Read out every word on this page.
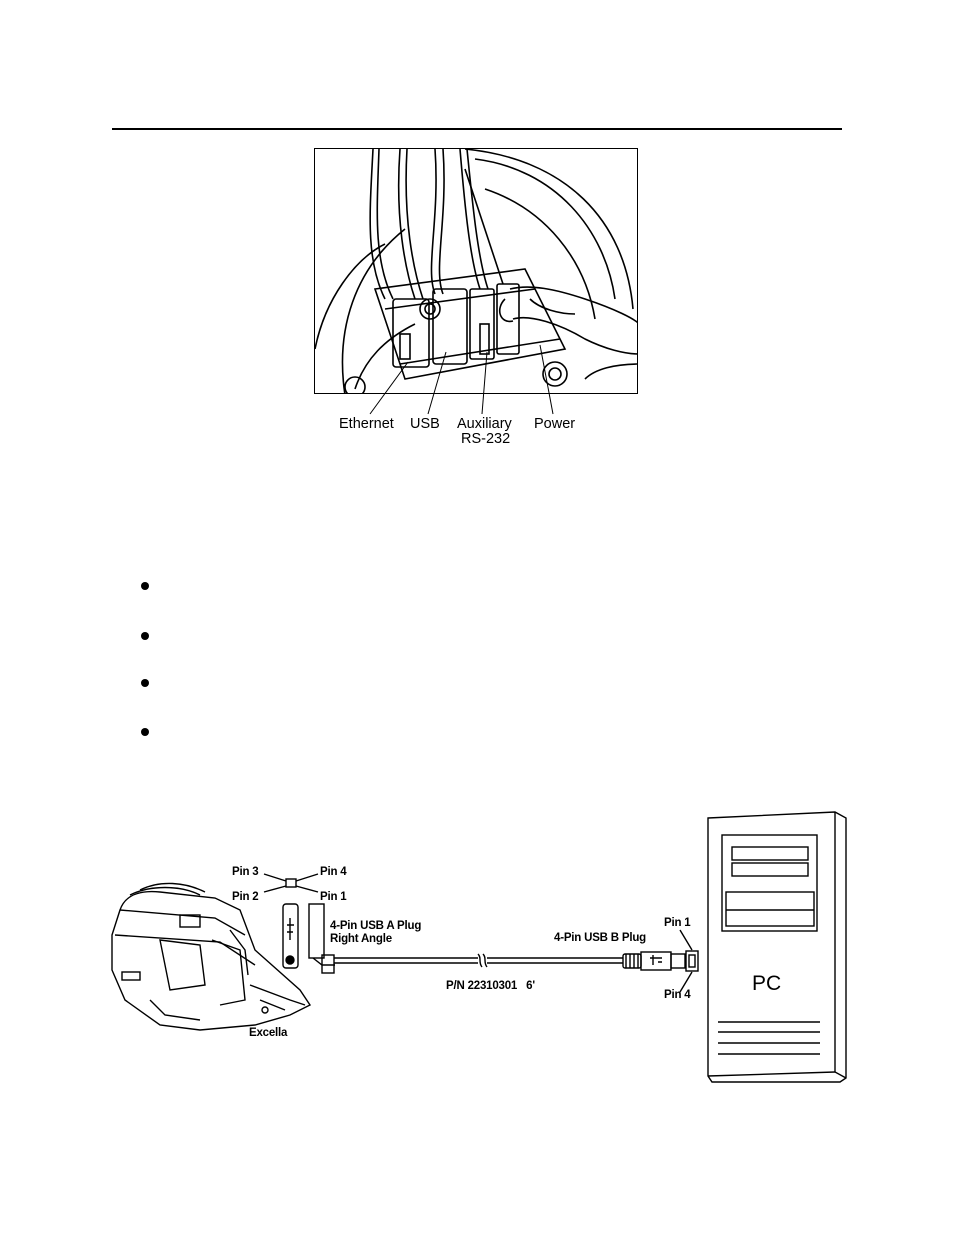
Ethernet USB Auxiliary
RS-232
Power
Pin 3	Pin 4
Pin 2	Pin 1
4-Pin USB A Plug
Right Angle	4-Pin USB B Plug
Pin 1
Pin 4
P/N 22310301   6'
Excella
PC
